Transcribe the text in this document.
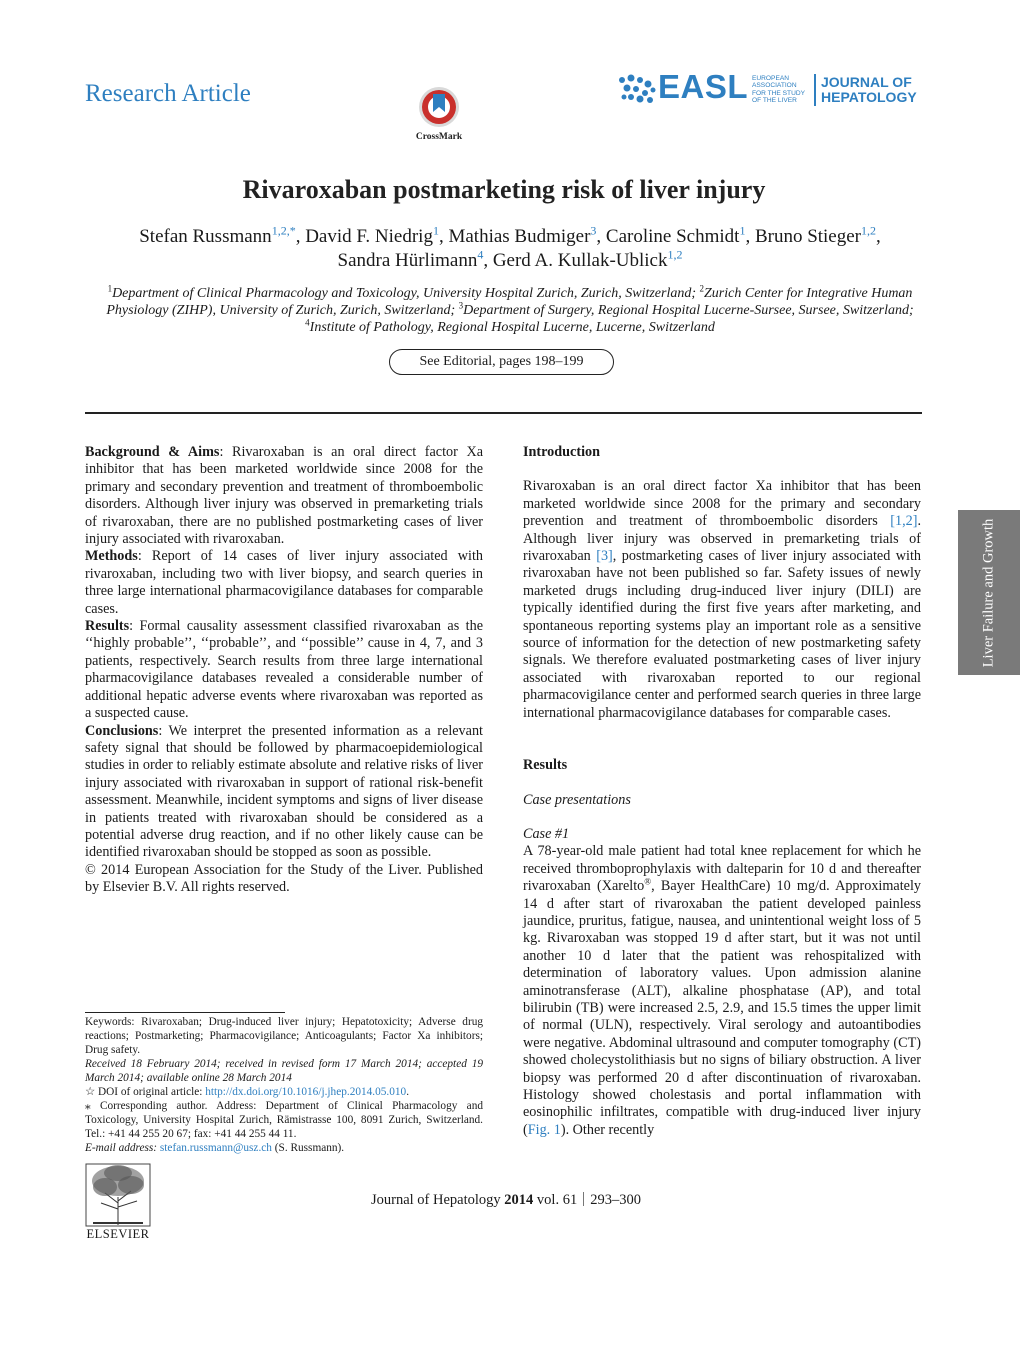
Research Article
CrossMark
EASL EUROPEAN
ASSOCIATION
FOR THE STUDY
OF THE LIVER
JOURNAL OF
HEPATOLOGY
Rivaroxaban postmarketing risk of liver injury
Stefan Russmann$^{1,2,*}$, David F. Niedrig$^1$, Mathias Budmiger$^3$, Caroline Schmidt$^1$, Bruno Stieger$^{1,2}$,
Sandra Hürlimann$^4$, Gerd A. Kullak-Ublick$^{1,2}$
$^1$Department of Clinical Pharmacology and Toxicology, University Hospital Zurich, Zurich, Switzerland; $^2$Zurich Center for Integrative Human Physiology (ZIHP), University of Zurich, Zurich, Switzerland; $^3$Department of Surgery, Regional Hospital Lucerne-Sursee, Sursee, Switzerland; $^4$Institute of Pathology, Regional Hospital Lucerne, Lucerne, Switzerland
See Editorial, pages 198–199

Background & Aims: Rivaroxaban is an oral direct factor Xa inhibitor that has been marketed worldwide since 2008 for the primary and secondary prevention and treatment of thromboembolic disorders. Although liver injury was observed in premarketing trials of rivaroxaban, there are no published postmarketing cases of liver injury associated with rivaroxaban.

Methods: Report of 14 cases of liver injury associated with rivaroxaban, including two with liver biopsy, and search queries in three large international pharmacovigilance databases for comparable cases.

Results: Formal causality assessment classified rivaroxaban as the ‘‘highly probable’’, ‘‘probable’’, and ‘‘possible’’ cause in 4, 7, and 3 patients, respectively. Search results from three large international pharmacovigilance databases revealed a considerable number of additional hepatic adverse events where rivaroxaban was reported as a suspected cause.

Conclusions: We interpret the presented information as a relevant safety signal that should be followed by pharmacoepidemiological studies in order to reliably estimate absolute and relative risks of liver injury associated with rivaroxaban in support of rational risk-benefit assessment. Meanwhile, incident symptoms and signs of liver disease in patients treated with rivaroxaban should be considered as a potential adverse drug reaction, and if no other likely cause can be identified rivaroxaban should be stopped as soon as possible.

© 2014 European Association for the Study of the Liver. Published by Elsevier B.V. All rights reserved.

Keywords: Rivaroxaban; Drug-induced liver injury; Hepatotoxicity; Adverse drug reactions; Postmarketing; Pharmacovigilance; Anticoagulants; Factor Xa inhibitors; Drug safety.

Received 18 February 2014; received in revised form 17 March 2014; accepted 19 March 2014; available online 28 March 2014

☆ DOI of original article: http://dx.doi.org/10.1016/j.jhep.2014.05.010.

⁎ Corresponding author. Address: Department of Clinical Pharmacology and Toxicology, University Hospital Zurich, Rämistrasse 100, 8091 Zurich, Switzerland. Tel.: +41 44 255 20 67; fax: +41 44 255 44 11.

E-mail address: stefan.russmann@usz.ch (S. Russmann).

Introduction

Rivaroxaban is an oral direct factor Xa inhibitor that has been marketed worldwide since 2008 for the primary and secondary prevention and treatment of thromboembolic disorders [1,2]. Although liver injury was observed in premarketing trials of rivaroxaban [3], postmarketing cases of liver injury associated with rivaroxaban have not been published so far. Safety issues of newly marketed drugs including drug-induced liver injury (DILI) are typically identified during the first five years after marketing, and spontaneous reporting systems play an important role as a sensitive source of information for the detection of new postmarketing safety signals. We therefore evaluated postmarketing cases of liver injury associated with rivaroxaban reported to our regional pharmacovigilance center and performed search queries in three large international pharmacovigilance databases for comparable cases.

Results

Case presentations

Case #1

A 78-year-old male patient had total knee replacement for which he received thromboprophylaxis with dalteparin for 10 d and thereafter rivaroxaban (Xarelto®, Bayer HealthCare) 10 mg/d. Approximately 14 d after start of rivaroxaban the patient developed painless jaundice, pruritus, fatigue, nausea, and unintentional weight loss of 5 kg. Rivaroxaban was stopped 19 d after start, but it was not until another 10 d later that the patient was rehospitalized with determination of laboratory values. Upon admission alanine aminotransferase (ALT), alkaline phosphatase (AP), and total bilirubin (TB) were increased 2.5, 2.9, and 15.5 times the upper limit of normal (ULN), respectively. Viral serology and autoantibodies were negative. Abdominal ultrasound and computer tomography (CT) showed cholecystolithiasis but no signs of biliary obstruction. A liver biopsy was performed 20 d after discontinuation of rivaroxaban. Histology showed cholestasis and portal inflammation with eosinophilic infiltrates, compatible with drug-induced liver injury (Fig. 1). Other recently

Liver Failure and Growth
ELSEVIER
Journal of Hepatology 2014 vol. 61 293–300
